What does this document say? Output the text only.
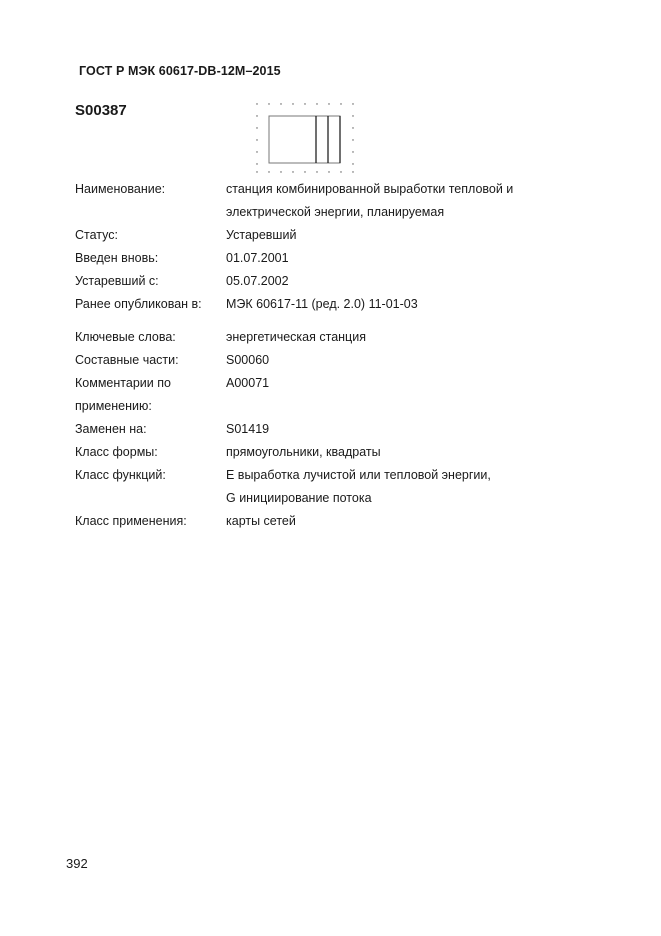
ГОСТ Р МЭК 60617-DB-12M–2015
S00387
Наименование:	станция комбинированной выработки тепловой и
электрической энергии, планируемая
Статус:	Устаревший
Введен вновь:	01.07.2001
Устаревший с:	05.07.2002
Ранее опубликован в:	МЭК 60617-11 (ред. 2.0) 11-01-03
Ключевые слова:	энергетическая станция
Составные части:	S00060
Комментарии по	A00071
применению:
Заменен на:	S01419
Класс формы:	прямоугольники, квадраты
Класс функций:	E выработка лучистой или тепловой энергии,
G инициирование потока
Класс применения:	карты сетей
392
